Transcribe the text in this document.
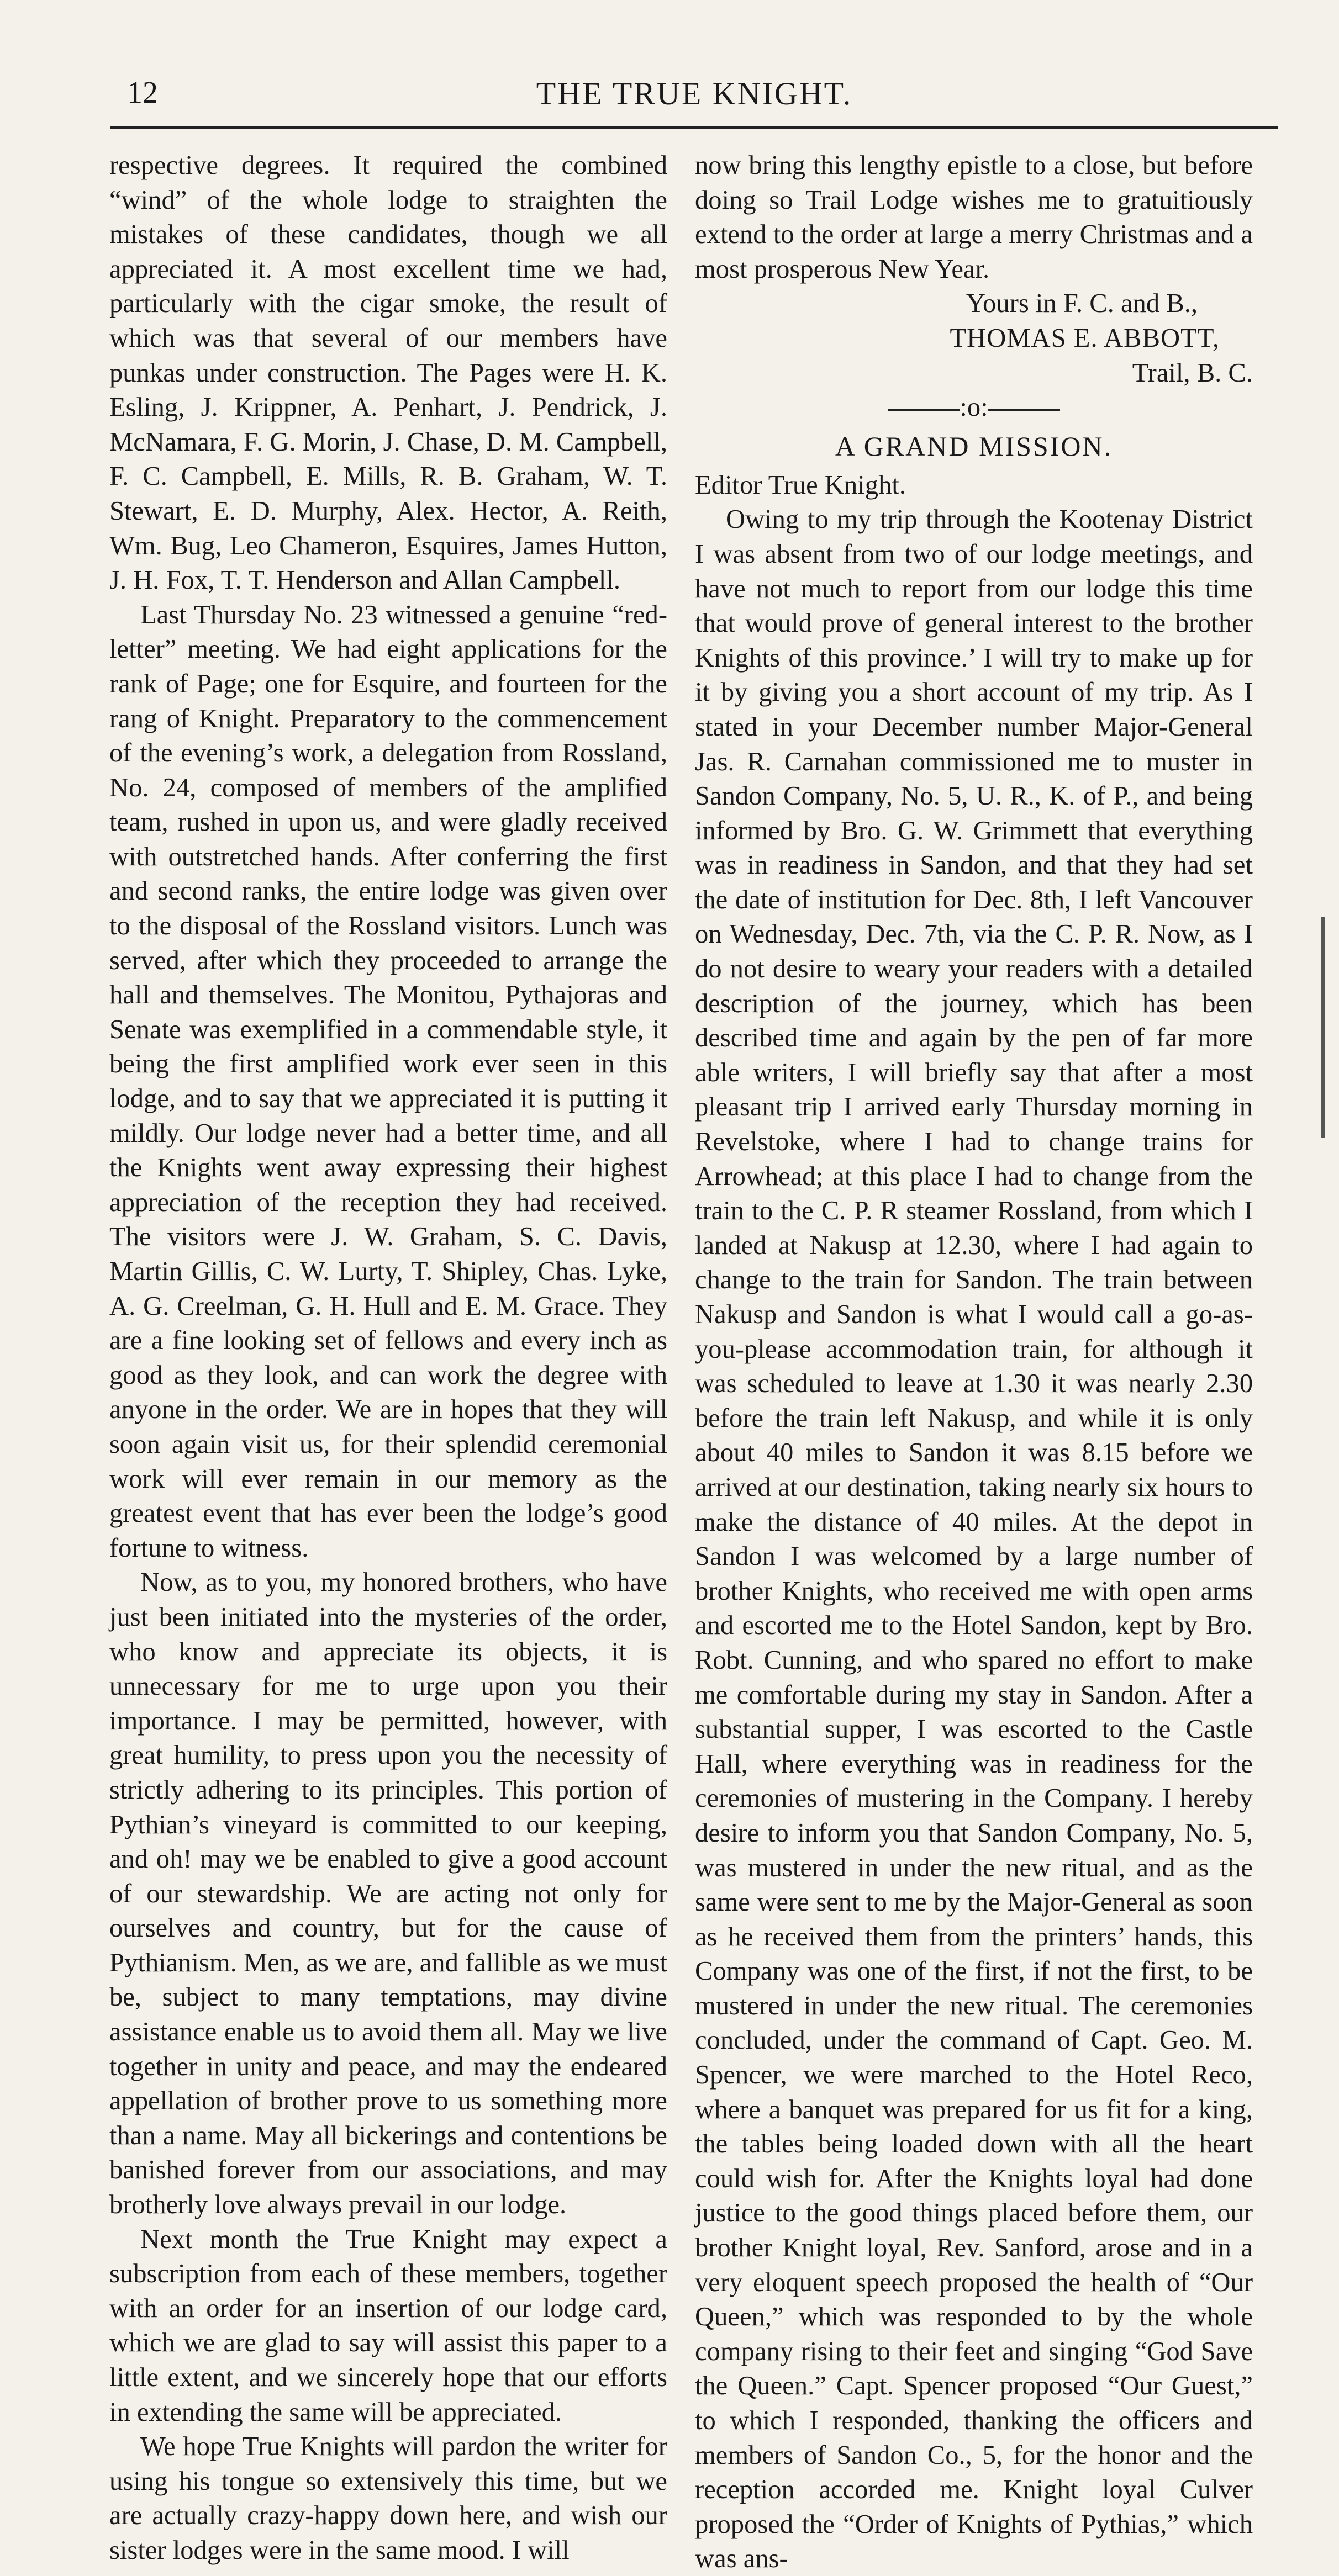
12	THE TRUE KNIGHT.

respective degrees. It required the combined “wind” of the whole lodge to straighten the mistakes of these candidates, though we all appreciated it. A most excellent time we had, particularly with the cigar smoke, the result of which was that several of our members have punkas under construction. The Pages were H. K. Esling, J. Krippner, A. Penhart, J. Pendrick, J. McNamara, F. G. Morin, J. Chase, D. M. Campbell, F. C. Campbell, E. Mills, R. B. Graham, W. T. Stewart, E. D. Murphy, Alex. Hector, A. Reith, Wm. Bug, Leo Chameron, Esquires, James Hutton, J. H. Fox, T. T. Henderson and Allan Campbell.

Last Thursday No. 23 witnessed a genuine “red-letter” meeting. We had eight applications for the rank of Page; one for Esquire, and fourteen for the rang of Knight. Preparatory to the commencement of the evening’s work, a delegation from Rossland, No. 24, composed of members of the amplified team, rushed in upon us, and were gladly received with outstretched hands. After conferring the first and second ranks, the entire lodge was given over to the disposal of the Rossland visitors. Lunch was served, after which they proceeded to arrange the hall and themselves. The Monitou, Pythajoras and Senate was exemplified in a commendable style, it being the first amplified work ever seen in this lodge, and to say that we appreciated it is putting it mildly. Our lodge never had a better time, and all the Knights went away expressing their highest appreciation of the reception they had received. The visitors were J. W. Graham, S. C. Davis, Martin Gillis, C. W. Lurty, T. Shipley, Chas. Lyke, A. G. Creelman, G. H. Hull and E. M. Grace. They are a fine looking set of fellows and every inch as good as they look, and can work the degree with anyone in the order. We are in hopes that they will soon again visit us, for their splendid ceremonial work will ever remain in our memory as the greatest event that has ever been the lodge’s good fortune to witness.

Now, as to you, my honored brothers, who have just been initiated into the mysteries of the order, who know and appreciate its objects, it is unnecessary for me to urge upon you their importance. I may be permitted, however, with great humility, to press upon you the necessity of strictly adhering to its principles. This portion of Pythian’s vineyard is committed to our keeping, and oh! may we be enabled to give a good account of our stewardship. We are acting not only for ourselves and country, but for the cause of Pythianism. Men, as we are, and fallible as we must be, subject to many temptations, may divine assistance enable us to avoid them all. May we live together in unity and peace, and may the endeared appellation of brother prove to us something more than a name. May all bickerings and contentions be banished forever from our associations, and may brotherly love always prevail in our lodge.

Next month the True Knight may expect a subscription from each of these members, together with an order for an insertion of our lodge card, which we are glad to say will assist this paper to a little extent, and we sincerely hope that our efforts in extending the same will be appreciated.

We hope True Knights will pardon the writer for using his tongue so extensively this time, but we are actually crazy-happy down here, and wish our sister lodges were in the same mood. I will

now bring this lengthy epistle to a close, but before doing so Trail Lodge wishes me to gratuitiously extend to the order at large a merry Christmas and a most prosperous New Year.

Yours in F. C. and B.,

THOMAS E. ABBOTT,

Trail, B. C.

:o:

A GRAND MISSION.

Editor True Knight.

Owing to my trip through the Kootenay District I was absent from two of our lodge meetings, and have not much to report from our lodge this time that would prove of general interest to the brother Knights of this province.’ I will try to make up for it by giving you a short account of my trip. As I stated in your December number Major-General Jas. R. Carnahan commissioned me to muster in Sandon Company, No. 5, U. R., K. of P., and being informed by Bro. G. W. Grimmett that everything was in readiness in Sandon, and that they had set the date of institution for Dec. 8th, I left Vancouver on Wednesday, Dec. 7th, via the C. P. R. Now, as I do not desire to weary your readers with a detailed description of the journey, which has been described time and again by the pen of far more able writers, I will briefly say that after a most pleasant trip I arrived early Thursday morning in Revelstoke, where I had to change trains for Arrowhead; at this place I had to change from the train to the C. P. R steamer Rossland, from which I landed at Nakusp at 12.30, where I had again to change to the train for Sandon. The train between Nakusp and Sandon is what I would call a go-as-you-please accommodation train, for although it was scheduled to leave at 1.30 it was nearly 2.30 before the train left Nakusp, and while it is only about 40 miles to Sandon it was 8.15 before we arrived at our destination, taking nearly six hours to make the distance of 40 miles. At the depot in Sandon I was welcomed by a large number of brother Knights, who received me with open arms and escorted me to the Hotel Sandon, kept by Bro. Robt. Cunning, and who spared no effort to make me comfortable during my stay in Sandon. After a substantial supper, I was escorted to the Castle Hall, where everything was in readiness for the ceremonies of mustering in the Company. I hereby desire to inform you that Sandon Company, No. 5, was mustered in under the new ritual, and as the same were sent to me by the Major-General as soon as he received them from the printers’ hands, this Company was one of the first, if not the first, to be mustered in under the new ritual. The ceremonies concluded, under the command of Capt. Geo. M. Spencer, we were marched to the Hotel Reco, where a banquet was prepared for us fit for a king, the tables being loaded down with all the heart could wish for. After the Knights loyal had done justice to the good things placed before them, our brother Knight loyal, Rev. Sanford, arose and in a very eloquent speech proposed the health of “Our Queen,” which was responded to by the whole company rising to their feet and singing “God Save the Queen.” Capt. Spencer proposed “Our Guest,” to which I responded, thanking the officers and members of Sandon Co., 5, for the honor and the reception accorded me. Knight loyal Culver proposed the “Order of Knights of Pythias,” which was ans-
